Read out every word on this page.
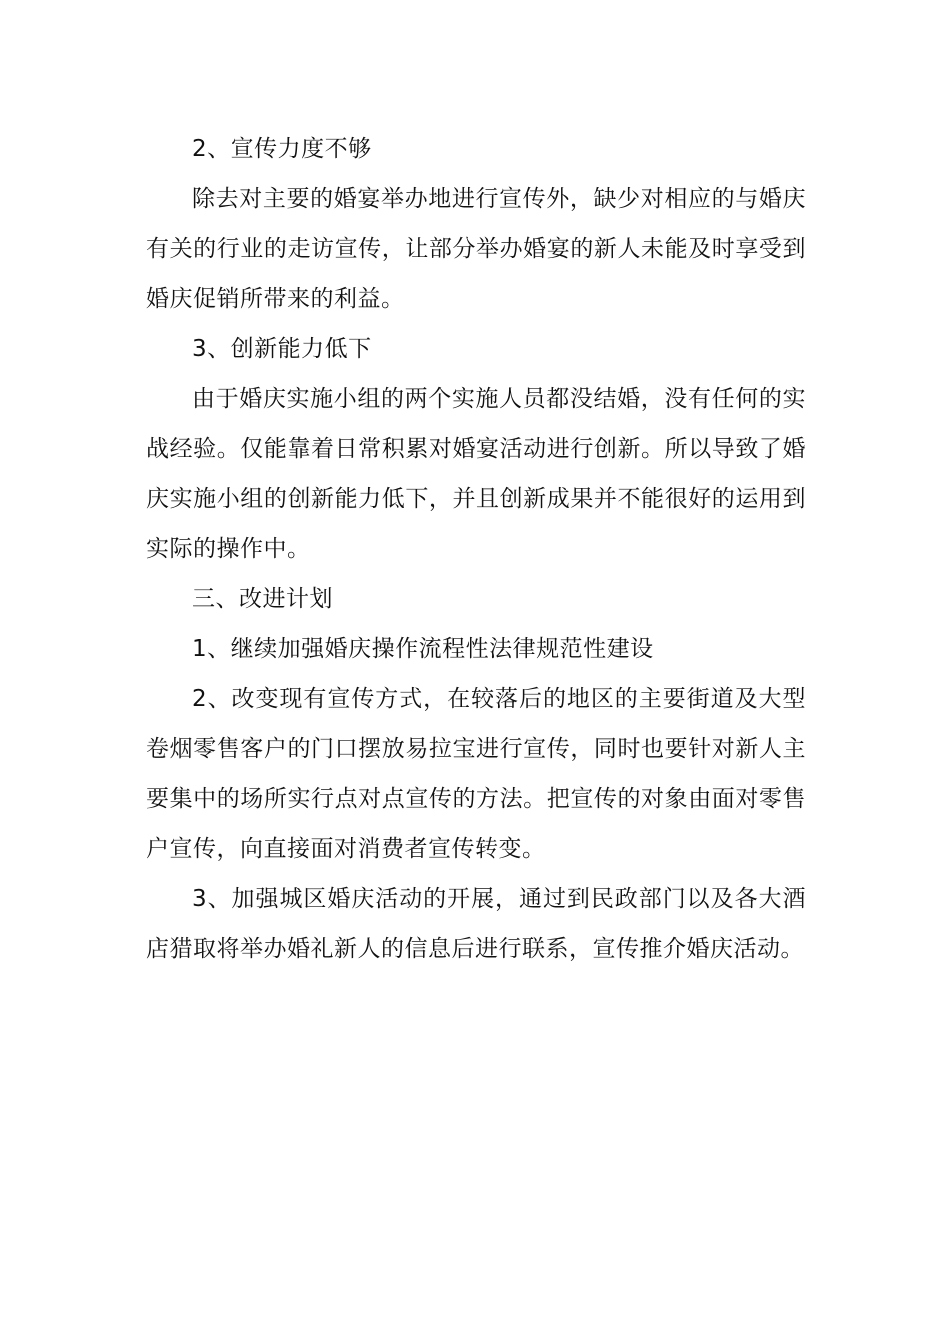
2、宣传力度不够

除去对主要的婚宴举办地进行宣传外，缺少对相应的与婚庆有关的行业的走访宣传，让部分举办婚宴的新人未能及时享受到婚庆促销所带来的利益。

3、创新能力低下

由于婚庆实施小组的两个实施人员都没结婚，没有任何的实战经验。仅能靠着日常积累对婚宴活动进行创新。所以导致了婚庆实施小组的创新能力低下，并且创新成果并不能很好的运用到实际的操作中。

三、改进计划

1、继续加强婚庆操作流程性法律规范性建设

2、改变现有宣传方式，在较落后的地区的主要街道及大型卷烟零售客户的门口摆放易拉宝进行宣传，同时也要针对新人主要集中的场所实行点对点宣传的方法。把宣传的对象由面对零售户宣传，向直接面对消费者宣传转变。

3、加强城区婚庆活动的开展，通过到民政部门以及各大酒店猎取将举办婚礼新人的信息后进行联系，宣传推介婚庆活动。
